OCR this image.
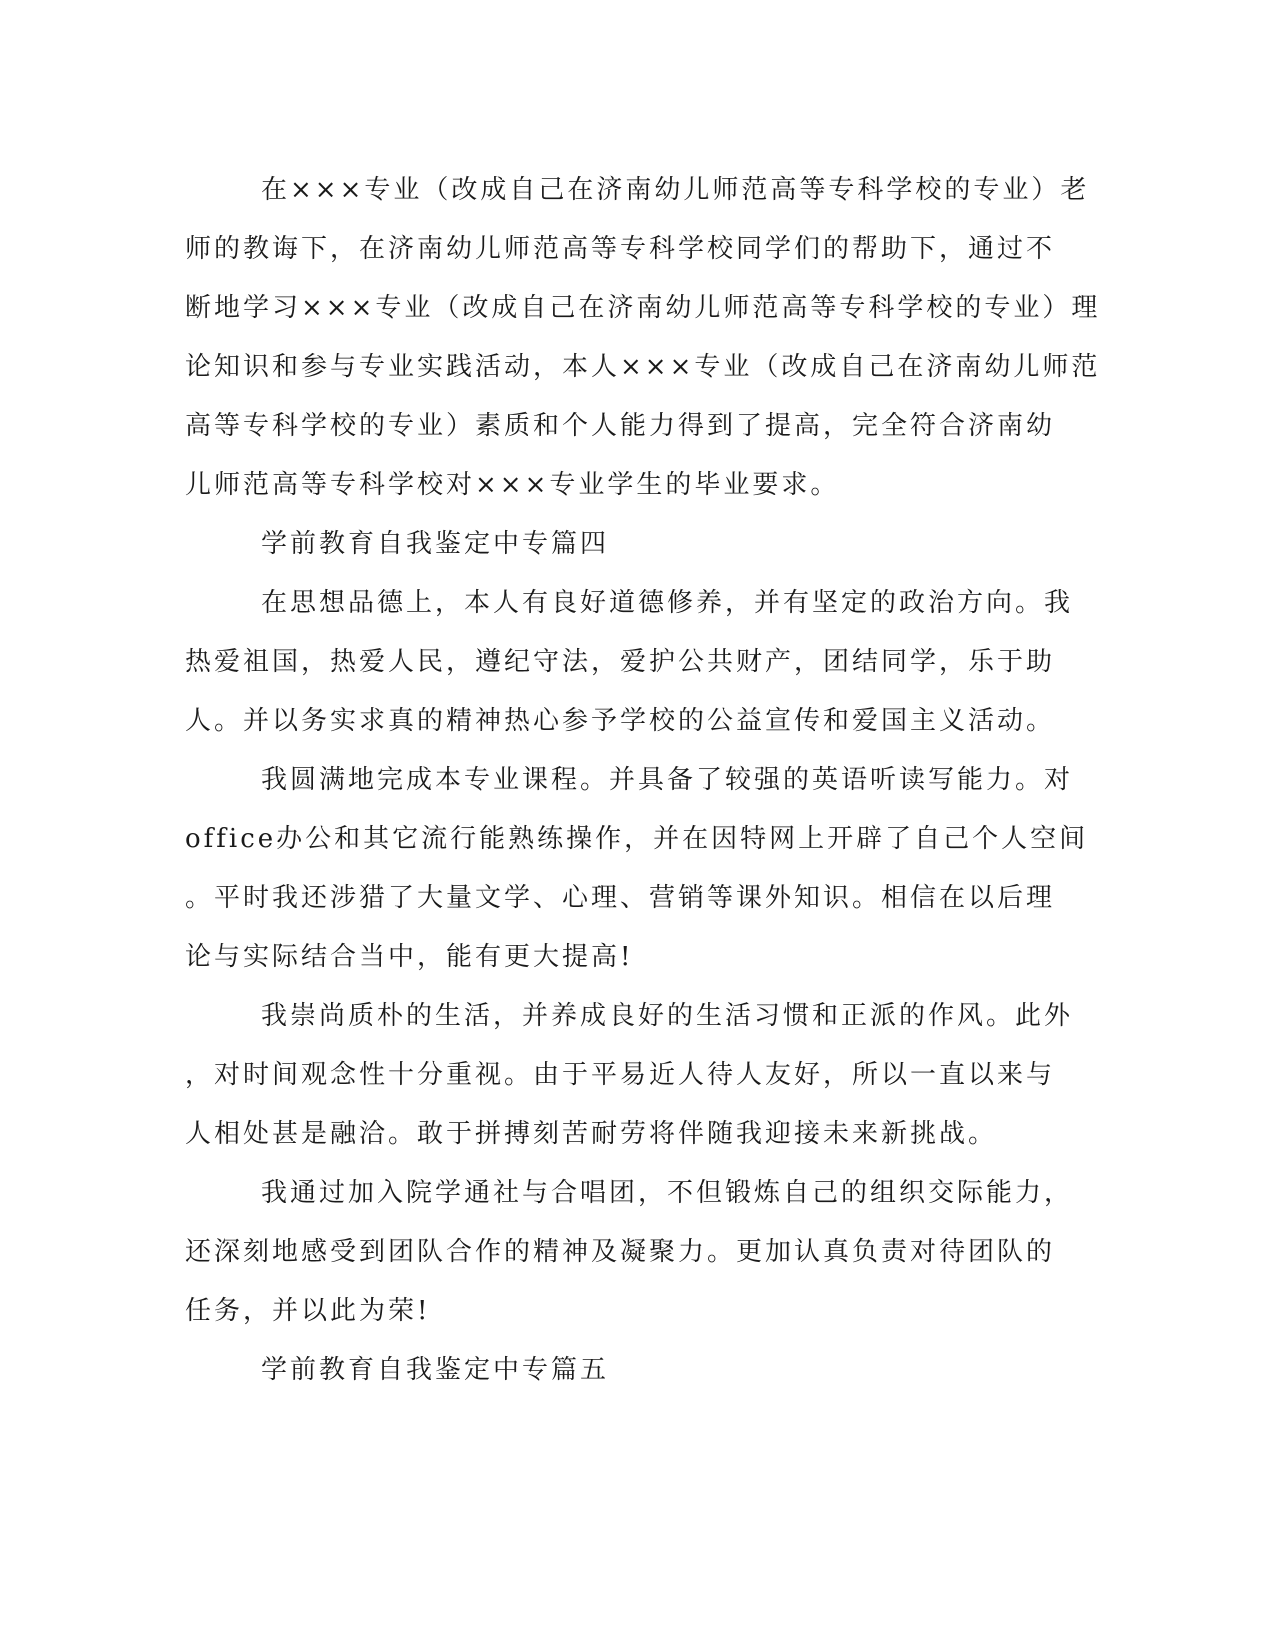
在×××专业（改成自己在济南幼儿师范高等专科学校的专业）老
师的教诲下，在济南幼儿师范高等专科学校同学们的帮助下，通过不
断地学习×××专业（改成自己在济南幼儿师范高等专科学校的专业）理
论知识和参与专业实践活动，本人×××专业（改成自己在济南幼儿师范
高等专科学校的专业）素质和个人能力得到了提高，完全符合济南幼
儿师范高等专科学校对×××专业学生的毕业要求。
学前教育自我鉴定中专篇四
在思想品德上，本人有良好道德修养，并有坚定的政治方向。我
热爱祖国，热爱人民，遵纪守法，爱护公共财产，团结同学，乐于助
人。并以务实求真的精神热心参予学校的公益宣传和爱国主义活动。
我圆满地完成本专业课程。并具备了较强的英语听读写能力。对
office办公和其它流行能熟练操作，并在因特网上开辟了自己个人空间
。平时我还涉猎了大量文学、心理、营销等课外知识。相信在以后理
论与实际结合当中，能有更大提高!
我崇尚质朴的生活，并养成良好的生活习惯和正派的作风。此外
，对时间观念性十分重视。由于平易近人待人友好，所以一直以来与
人相处甚是融洽。敢于拼搏刻苦耐劳将伴随我迎接未来新挑战。
我通过加入院学通社与合唱团，不但锻炼自己的组织交际能力，
还深刻地感受到团队合作的精神及凝聚力。更加认真负责对待团队的
任务，并以此为荣!
学前教育自我鉴定中专篇五
